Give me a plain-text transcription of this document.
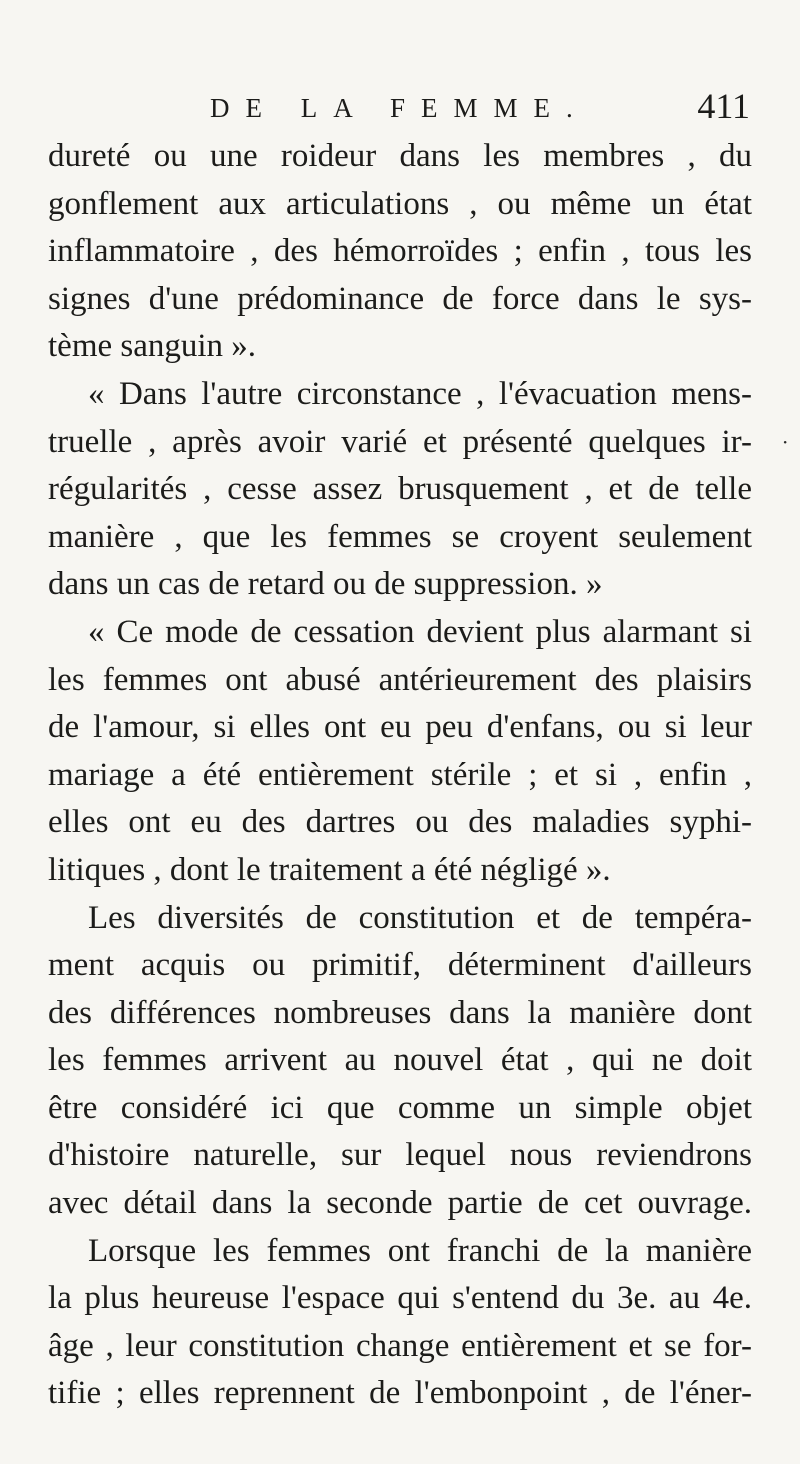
DE LA FEMME.	411
·
dureté ou une roideur dans les membres , du
gonflement aux articulations , ou même un état
inflammatoire , des hémorroïdes ; enfin , tous les
signes d'une prédominance de force dans le sys-
tème sanguin ».
« Dans l'autre circonstance , l'évacuation mens-
truelle , après avoir varié et présenté quelques ir-
régularités , cesse assez brusquement , et de telle
manière , que les femmes se croyent seulement
dans un cas de retard ou de suppression. »
« Ce mode de cessation devient plus alarmant si
les femmes ont abusé antérieurement des plaisirs
de l'amour, si elles ont eu peu d'enfans, ou si leur
mariage a été entièrement stérile ; et si , enfin ,
elles ont eu des dartres ou des maladies syphi-
litiques , dont le traitement a été négligé ».
Les diversités de constitution et de tempéra-
ment acquis ou primitif, déterminent d'ailleurs
des différences nombreuses dans la manière dont
les femmes arrivent au nouvel état , qui ne doit
être considéré ici que comme un simple objet
d'histoire naturelle, sur lequel nous reviendrons
avec détail dans la seconde partie de cet ouvrage.
Lorsque les femmes ont franchi de la manière
la plus heureuse l'espace qui s'entend du 3e. au 4e.
âge , leur constitution change entièrement et se for-
tifie ; elles reprennent de l'embonpoint , de l'éner-
